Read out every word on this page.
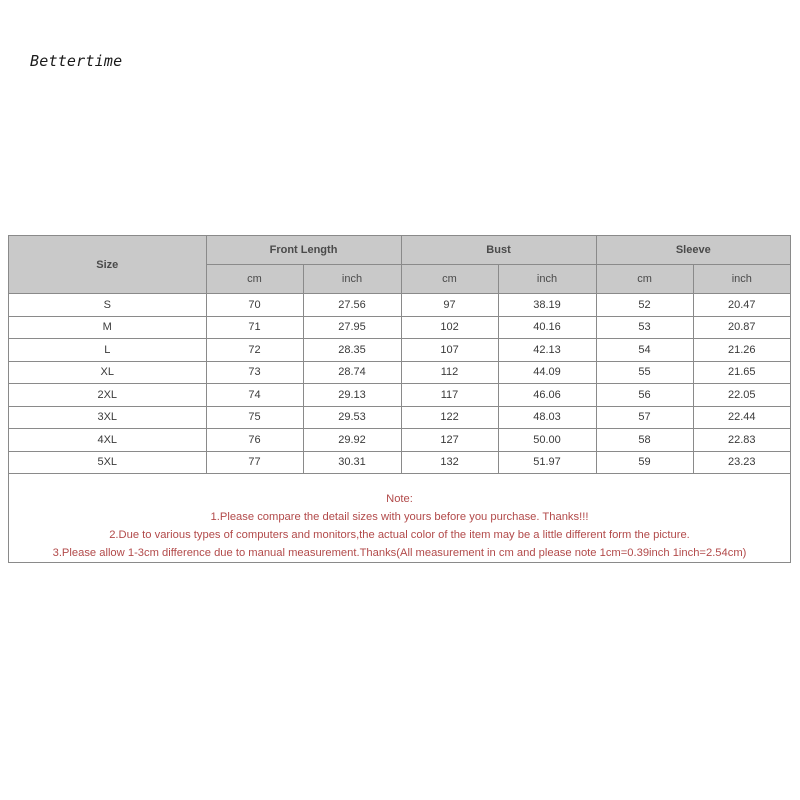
Bettertime
Size	Front Length		Bust		Sleeve	
	cm	inch	cm	inch	cm	inch
S	70	27.56	97	38.19	52	20.47
M	71	27.95	102	40.16	53	20.87
L	72	28.35	107	42.13	54	21.26
XL	73	28.74	112	44.09	55	21.65
2XL	74	29.13	117	46.06	56	22.05
3XL	75	29.53	122	48.03	57	22.44
4XL	76	29.92	127	50.00	58	22.83
5XL	77	30.31	132	51.97	59	23.23
Note:
1.Please compare the detail sizes with yours before you purchase. Thanks!!!
2.Due to various types of computers and monitors,the actual color of the item may be a little different form the picture.
3.Please allow 1-3cm difference due to manual measurement.Thanks(All measurement in cm and please note 1cm=0.39inch 1inch=2.54cm)
